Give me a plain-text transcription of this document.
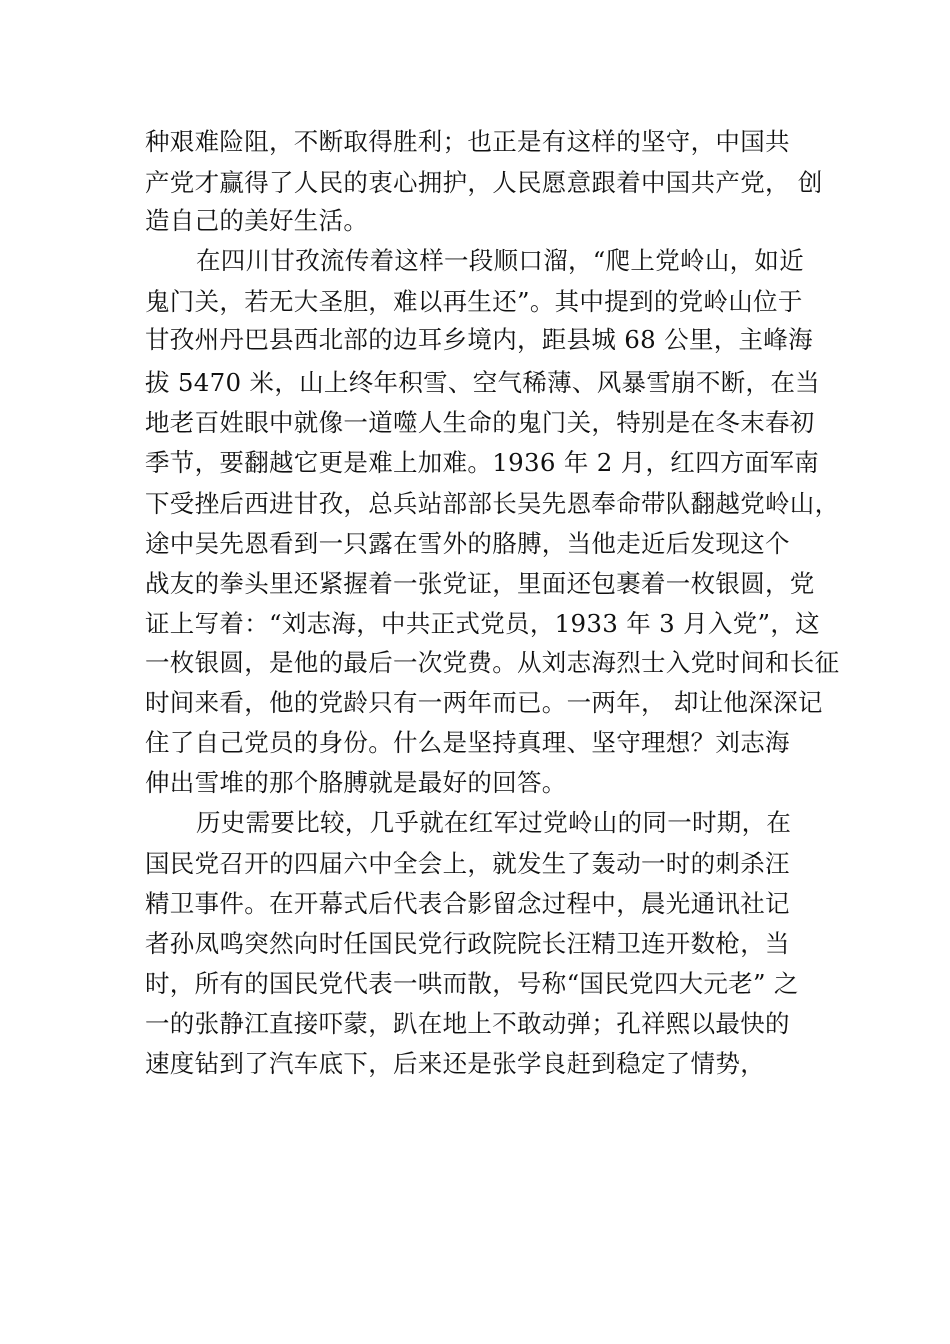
种艰难险阻，不断取得胜利；也正是有这样的坚守，中国共
产党才赢得了人民的衷心拥护，人民愿意跟着中国共产党， 创
造自己的美好生活。
在四川甘孜流传着这样一段顺口溜，“爬上党岭山，如近
鬼门关，若无大圣胆，难以再生还”。其中提到的党岭山位于
甘孜州丹巴县西北部的边耳乡境内，距县城 68 公里，主峰海
拔 5470 米，山上终年积雪、空气稀薄、风暴雪崩不断，在当
地老百姓眼中就像一道噬人生命的鬼门关，特别是在冬末春初
季节，要翻越它更是难上加难。1936 年 2 月，红四方面军南
下受挫后西进甘孜，总兵站部部长吴先恩奉命带队翻越党岭山，
途中吴先恩看到一只露在雪外的胳膊，当他走近后发现这个
战友的拳头里还紧握着一张党证，里面还包裹着一枚银圆，党
证上写着：“刘志海，中共正式党员，1933 年 3 月入党”，这
一枚银圆，是他的最后一次党费。从刘志海烈士入党时间和长征
时间来看，他的党龄只有一两年而已。一两年， 却让他深深记
住了自己党员的身份。什么是坚持真理、坚守理想？刘志海
伸出雪堆的那个胳膊就是最好的回答。
历史需要比较，几乎就在红军过党岭山的同一时期，在
国民党召开的四届六中全会上，就发生了轰动一时的刺杀汪
精卫事件。在开幕式后代表合影留念过程中，晨光通讯社记
者孙凤鸣突然向时任国民党行政院院长汪精卫连开数枪，当
时，所有的国民党代表一哄而散，号称“国民党四大元老” 之
一的张静江直接吓蒙，趴在地上不敢动弹；孔祥熙以最快的
速度钻到了汽车底下，后来还是张学良赶到稳定了情势，
